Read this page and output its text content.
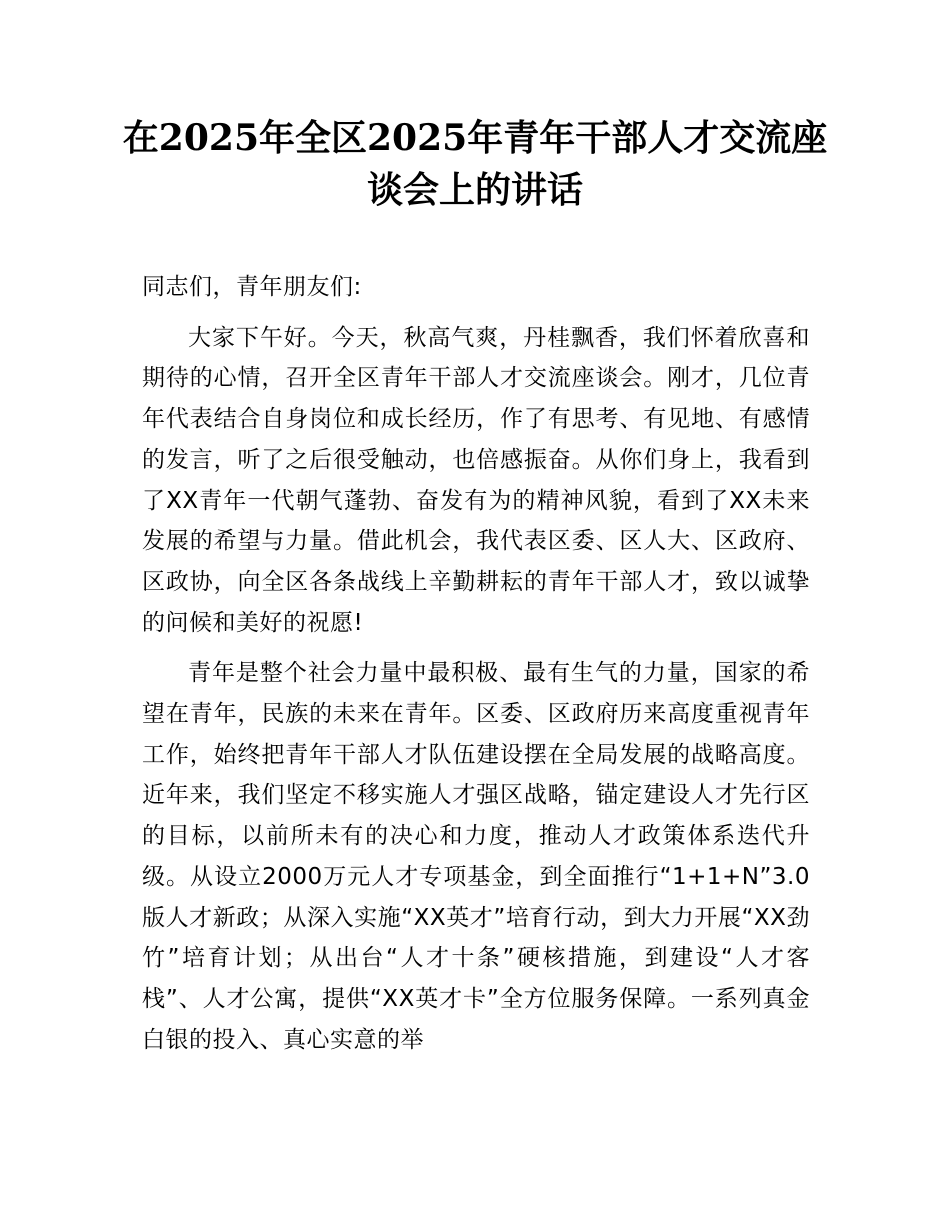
在2025年全区2025年青年干部人才交流座
谈会上的讲话

同志们，青年朋友们:

大家下午好。今天，秋高气爽，丹桂飘香，我们怀着欣喜和期待的心情，召开全区青年干部人才交流座谈会。刚才，几位青年代表结合自身岗位和成长经历，作了有思考、有见地、有感情的发言，听了之后很受触动，也倍感振奋。从你们身上，我看到了XX青年一代朝气蓬勃、奋发有为的精神风貌，看到了XX未来发展的希望与力量。借此机会，我代表区委、区人大、区政府、区政协，向全区各条战线上辛勤耕耘的青年干部人才，致以诚挚的问候和美好的祝愿!

青年是整个社会力量中最积极、最有生气的力量，国家的希望在青年，民族的未来在青年。区委、区政府历来高度重视青年工作，始终把青年干部人才队伍建设摆在全局发展的战略高度。近年来，我们坚定不移实施人才强区战略，锚定建设人才先行区的目标，以前所未有的决心和力度，推动人才政策体系迭代升级。从设立2000万元人才专项基金，到全面推行“1+1+N”3.0版人才新政；从深入实施“XX英才”培育行动，到大力开展“XX劲竹”培育计划；从出台“人才十条”硬核措施，到建设“人才客栈”、人才公寓，提供“XX英才卡”全方位服务保障。一系列真金白银的投入、真心实意的举
